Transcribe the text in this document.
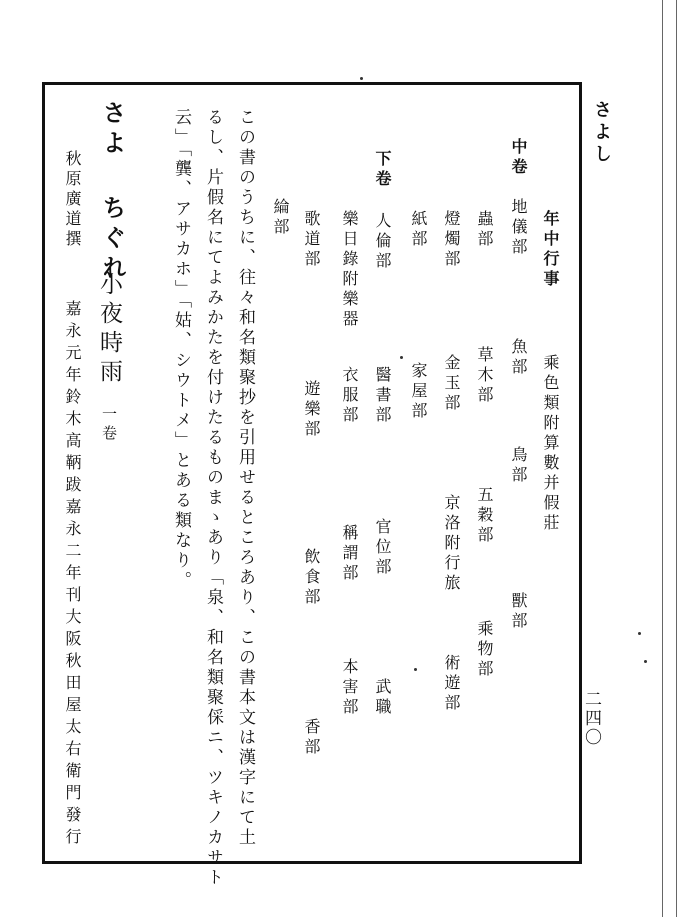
さよし
二四〇
年中行事乘色類附算數并假莊
中卷地儀部魚部鳥部獸部
蟲部草木部五穀部乘物部
燈燭部金玉部京洛附行旅術遊部
紙部家屋部
下卷人倫部醫書部官位部武職
樂日錄附樂器衣服部稱謂部本害部
歌道部遊樂部飲食部香部
綸部
この書のうちに、往々和名類聚抄を引用せるところあり、この書本文は漢字にて土
るし、片假名にてよみかたを付けたるものまゝあり「泉、和名類聚倸ニ、ツキノカサト
云」「龔、アサカホ」「姑、シウトメ」とある類なり。
さよ ちぐれ
小夜時雨一卷
秋原廣道撰
嘉永元年鈴木高鞆跋嘉永二年刊大阪秋田屋太右衛門發行
